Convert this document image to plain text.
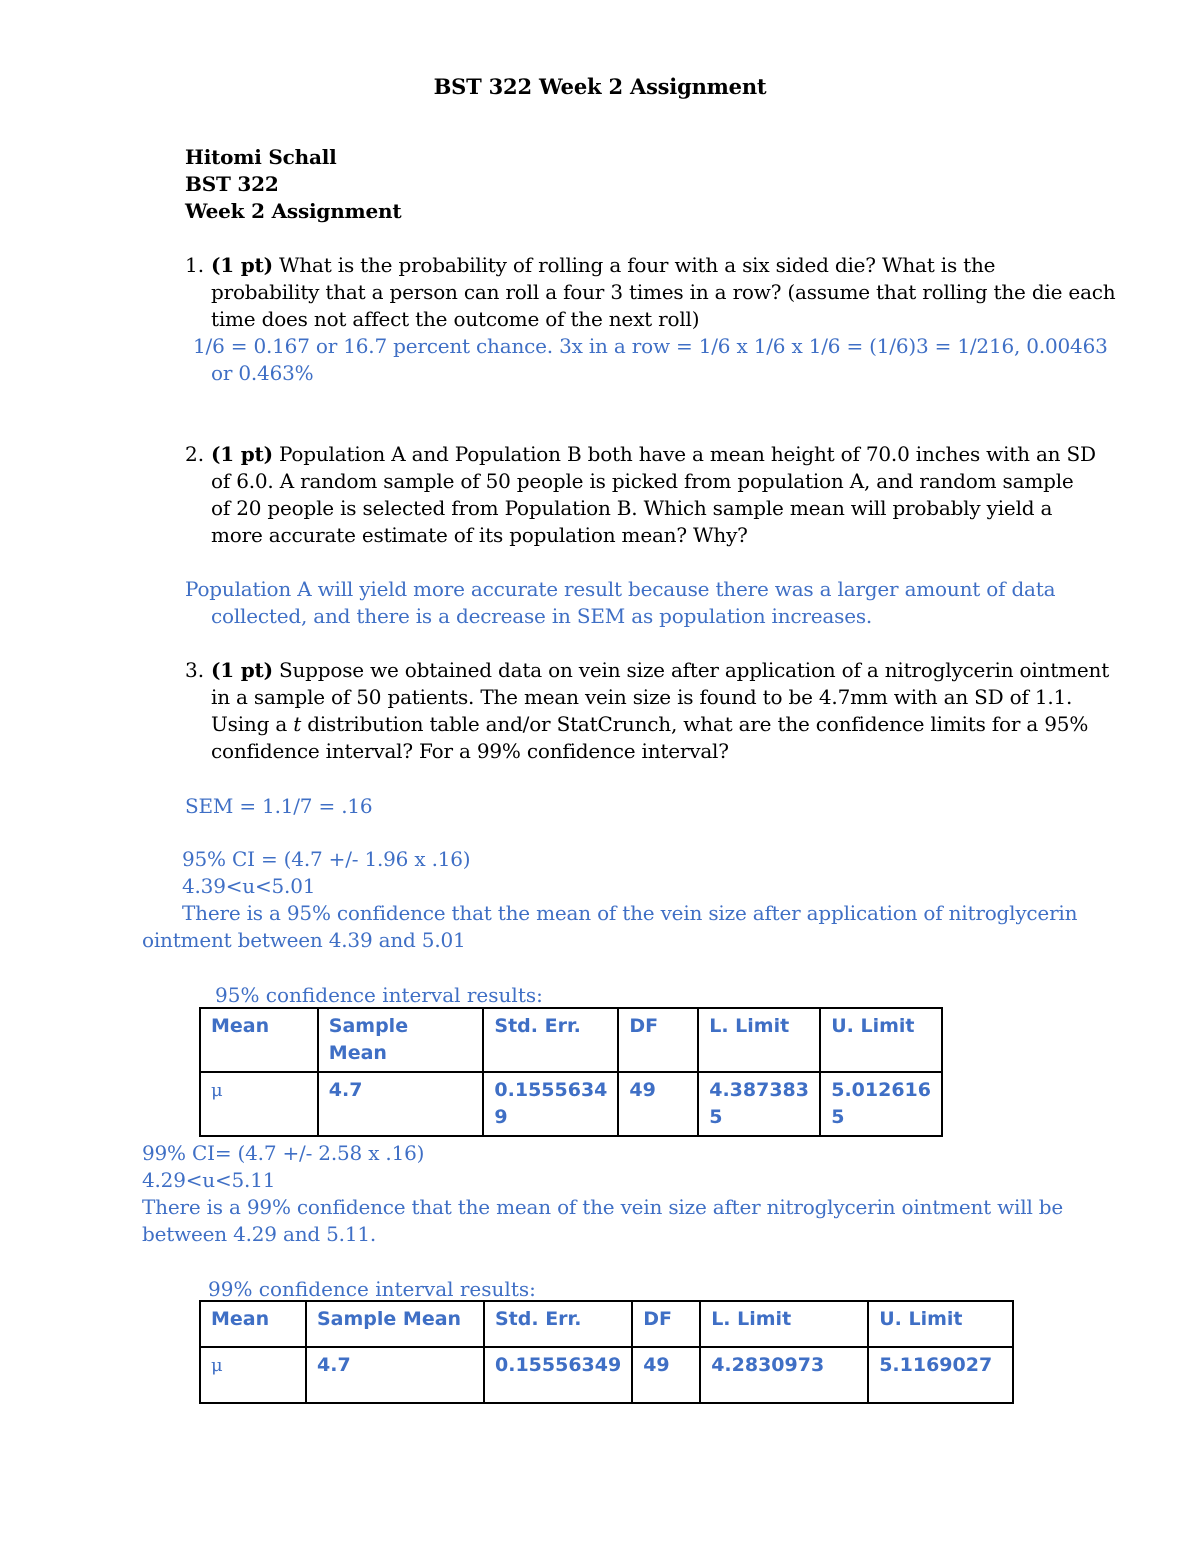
BST 322 Week 2 Assignment
Hitomi Schall
BST 322
Week 2 Assignment
1. (1 pt) What is the probability of rolling a four with a six sided die? What is the
probability that a person can roll a four 3 times in a row? (assume that rolling the die each
time does not affect the outcome of the next roll)
1/6 = 0.167 or 16.7 percent chance. 3x in a row = 1/6 x 1/6 x 1/6 = (1/6)3 = 1/216, 0.00463
or 0.463%
2. (1 pt) Population A and Population B both have a mean height of 70.0 inches with an SD
of 6.0. A random sample of 50 people is picked from population A, and random sample
of 20 people is selected from Population B. Which sample mean will probably yield a
more accurate estimate of its population mean? Why?
Population A will yield more accurate result because there was a larger amount of data
collected, and there is a decrease in SEM as population increases.
3. (1 pt) Suppose we obtained data on vein size after application of a nitroglycerin ointment
in a sample of 50 patients. The mean vein size is found to be 4.7mm with an SD of 1.1.
Using a t distribution table and/or StatCrunch, what are the confidence limits for a 95%
confidence interval? For a 99% confidence interval?
SEM = 1.1/7 = .16
95% CI = (4.7 +/- 1.96 x .16)
4.39<u<5.01
There is a 95% confidence that the mean of the vein size after application of nitroglycerin
ointment between 4.39 and 5.01
95% confidence interval results:
Mean	Sample Mean	Std. Err.	DF	L. Limit	U. Limit
μ	4.7	0.1555634 9	49	4.387383 5	5.012616 5
99% CI= (4.7 +/- 2.58 x .16)
4.29<u<5.11
There is a 99% confidence that the mean of the vein size after nitroglycerin ointment will be
between 4.29 and 5.11.
99% confidence interval results:
Mean	Sample Mean	Std. Err.	DF	L. Limit	U. Limit
μ	4.7	0.15556349	49	4.2830973	5.1169027
